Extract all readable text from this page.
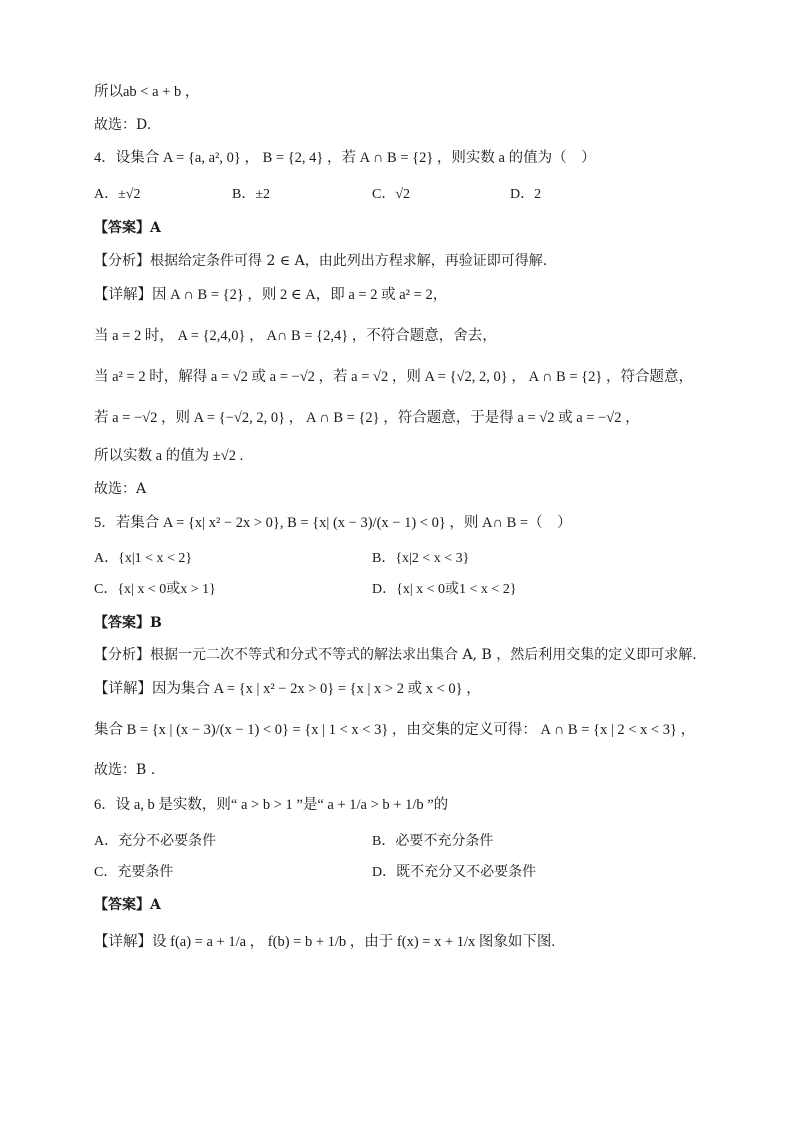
所以ab < a + b ，
故选：D.
4．设集合 A = {a, a², 0} ， B = {2, 4} ，若 A ∩ B = {2} ，则实数 a 的值为（　）
A．±√2	B．±2	C．√2	D．2
【答案】A
【分析】根据给定条件可得 2 ∈ A，由此列出方程求解，再验证即可得解.
【详解】因 A ∩ B = {2} ，则 2 ∈ A，即 a = 2 或 a² = 2，
当 a = 2 时， A = {2,4,0} ， A∩ B = {2,4} ，不符合题意，舍去，
当 a² = 2 时，解得 a = √2 或 a = −√2 ，若 a = √2 ，则 A = {√2, 2, 0} ， A ∩ B = {2} ，符合题意，
若 a = −√2 ，则 A = {−√2, 2, 0} ， A ∩ B = {2} ，符合题意，于是得 a = √2 或 a = −√2 ，
所以实数 a 的值为 ±√2 .
故选：A
5．若集合 A = {x| x² − 2x > 0}, B = {x| (x − 3)/(x − 1) < 0} ，则 A∩ B =（　）
A．{x|1 < x < 2}	B．{x|2 < x < 3}
C．{x| x < 0或x > 1}	D．{x| x < 0或1 < x < 2}
【答案】B
【分析】根据一元二次不等式和分式不等式的解法求出集合 A, B ，然后利用交集的定义即可求解.
【详解】因为集合 A = {x | x² − 2x > 0} = {x | x > 2 或 x < 0} ，
集合 B = {x | (x − 3)/(x − 1) < 0} = {x | 1 < x < 3} ，由交集的定义可得： A ∩ B = {x | 2 < x < 3} ，
故选：B .
6．设 a, b 是实数，则“ a > b > 1 ”是“ a + 1/a > b + 1/b ”的
A．充分不必要条件	B．必要不充分条件
C．充要条件	D．既不充分又不必要条件
【答案】A
【详解】设 f(a) = a + 1/a ， f(b) = b + 1/b ，由于 f(x) = x + 1/x 图象如下图.
